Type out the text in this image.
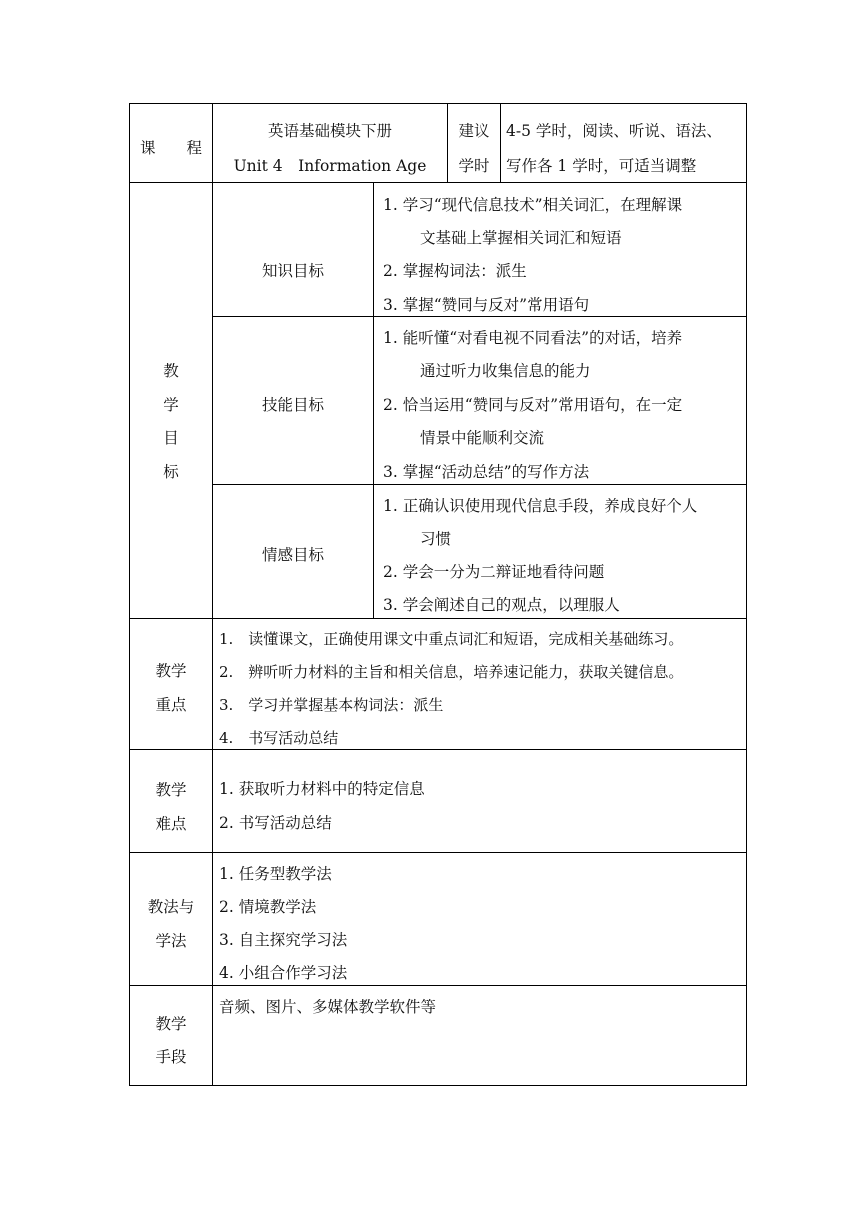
课　　程
英语基础模块下册
Unit 4　Information Age
建议
学时
4-5 学时，阅读、听说、语法、
写作各 1 学时，可适当调整
教
学
目
标
知识目标
1. 学习“现代信息技术”相关词汇，在理解课
文基础上掌握相关词汇和短语
2. 掌握构词法：派生
3. 掌握“赞同与反对”常用语句
技能目标
1. 能听懂“对看电视不同看法”的对话，培养
通过听力收集信息的能力
2. 恰当运用“赞同与反对”常用语句，在一定
情景中能顺利交流
3. 掌握“活动总结”的写作方法
情感目标
1. 正确认识使用现代信息手段，养成良好个人
习惯
2. 学会一分为二辩证地看待问题
3. 学会阐述自己的观点，以理服人
教学
重点
1.　读懂课文，正确使用课文中重点词汇和短语，完成相关基础练习。
2.　辨听听力材料的主旨和相关信息，培养速记能力，获取关键信息。
3.　学习并掌握基本构词法：派生
4.　书写活动总结
教学
难点
1. 获取听力材料中的特定信息
2. 书写活动总结
教法与
学法
1. 任务型教学法
2. 情境教学法
3. 自主探究学习法
4. 小组合作学习法
教学
手段
音频、图片、多媒体教学软件等
